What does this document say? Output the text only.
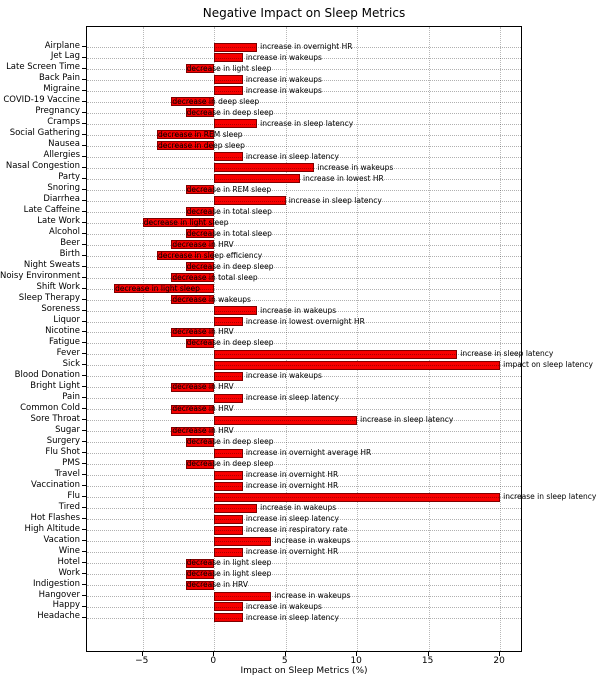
Negative Impact on Sleep Metrics
increase in overnight HR
increase in wakeups
decrease in light sleep
increase in wakeups
increase in wakeups
decrease in deep sleep
decrease in deep sleep
increase in sleep latency
decrease in REM sleep
decrease in deep sleep
increase in sleep latency
increase in wakeups
increase in lowest HR
decrease in REM sleep
increase in sleep latency
decrease in total sleep
decrease in light sleep
decrease in total sleep
decrease in HRV
decrease in sleep efficiency
decrease in deep sleep
decrease in total sleep
decrease in light sleep
decrease in wakeups
increase in wakeups
increase in lowest overnight HR
decrease in HRV
decrease in deep sleep
increase in sleep latency
impact on sleep latency
increase in wakeups
decrease in HRV
increase in sleep latency
decrease in HRV
increase in sleep latency
decrease in HRV
decrease in deep sleep
increase in overnight average HR
decrease in deep sleep
increase in overnight HR
increase in overnight HR
increase in sleep latency
increase in wakeups
increase in sleep latency
increase in respiratory rate
increase in wakeups
increase in overnight HR
decrease in light sleep
decrease in light sleep
decrease in HRV
increase in wakeups
increase in wakeups
increase in sleep latency
Airplane
Jet Lag
Late Screen Time
Back Pain
Migraine
COVID-19 Vaccine
Pregnancy
Cramps
Social Gathering
Nausea
Allergies
Nasal Congestion
Party
Snoring
Diarrhea
Late Caffeine
Late Work
Alcohol
Beer
Birth
Night Sweats
Noisy Environment
Shift Work
Sleep Therapy
Soreness
Liquor
Nicotine
Fatigue
Fever
Sick
Blood Donation
Bright Light
Pain
Common Cold
Sore Throat
Sugar
Surgery
Flu Shot
PMS
Travel
Vaccination
Flu
Tired
Hot Flashes
High Altitude
Vacation
Wine
Hotel
Work
Indigestion
Hangover
Happy
Headache
−5	0	5	10	15	20
Impact on Sleep Metrics (%)
